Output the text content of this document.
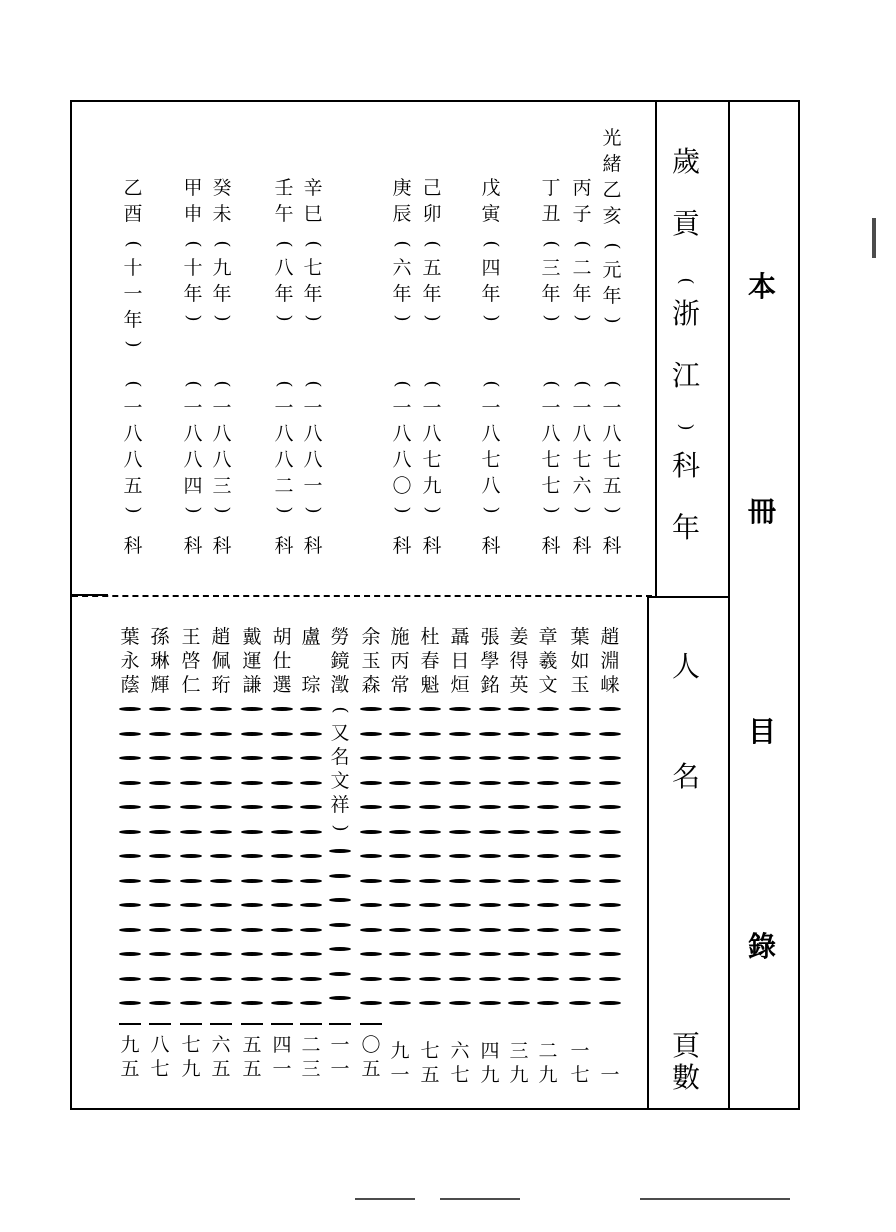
本
冊
目
錄
歲
貢
(
浙
江
)
科
年
人
名
頁
數
光
緒
乙
亥
(
元
年
)
(
一
八
七
五
)
科
丙
子
(
二
年
)
(
一
八
七
六
)
科
丁
丑
(
三
年
)
(
一
八
七
七
)
科
戊
寅
(
四
年
)
(
一
八
七
八
)
科
己
卯
(
五
年
)
(
一
八
七
九
)
科
庚
辰
(
六
年
)
(
一
八
八
〇
)
科
辛
巳
(
七
年
)
(
一
八
八
一
)
科
壬
午
(
八
年
)
(
一
八
八
二
)
科
癸
未
(
九
年
)
(
一
八
八
三
)
科
甲
申
(
十
年
)
(
一
八
八
四
)
科
乙
酉
(
十
一
年
)
(
一
八
八
五
)
科
趙
淵
崃
一
葉
如
玉
一
七
章
羲
文
二
九
姜
得
英
三
九
張
學
銘
四
九
聶
日
烜
六
七
杜
春
魁
七
五
施
丙
常
九
一
余
玉
森
〇
五
勞
鏡
澂
(
又
名
文
祥
)
一
一
盧

琮
二
三
胡
仕
選
四
一
戴
運
謙
五
五
趙
佩
珩
六
五
王
啓
仁
七
九
孫
琳
輝
八
七
葉
永
蔭
九
五
